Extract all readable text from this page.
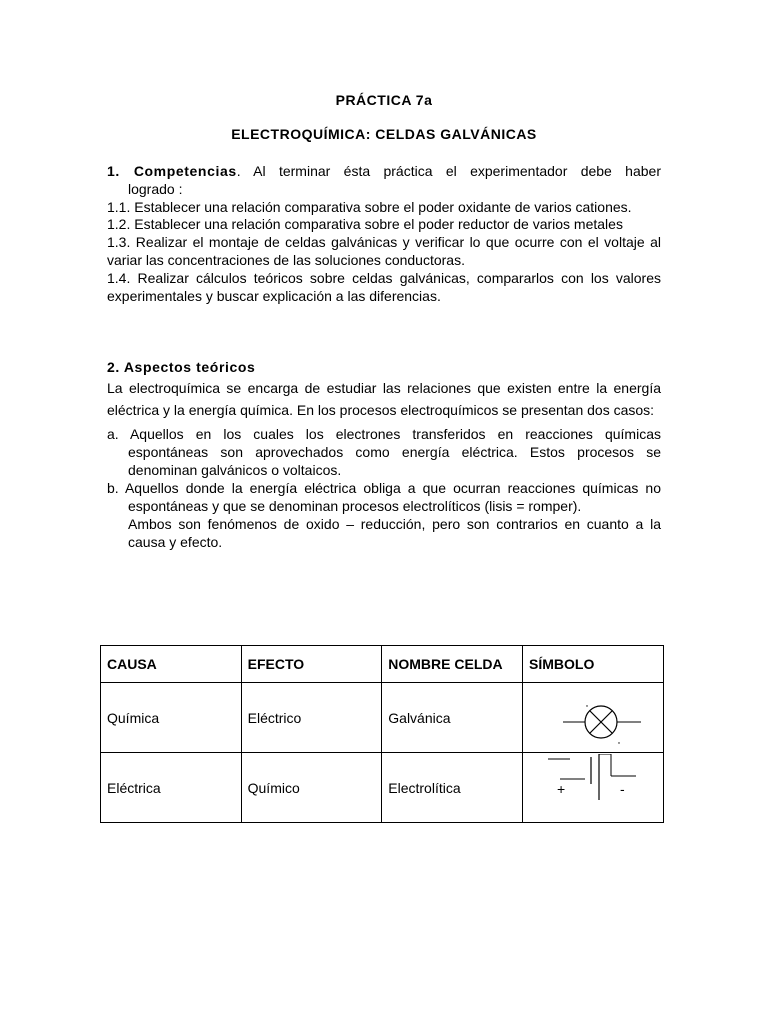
PRÁCTICA 7a
ELECTROQUÍMICA: CELDAS GALVÁNICAS
1. Competencias. Al terminar ésta práctica el experimentador debe haber
logrado :
1.1. Establecer una relación comparativa sobre el poder oxidante de varios cationes.
1.2. Establecer una relación comparativa sobre el poder reductor de varios metales
1.3. Realizar el montaje de celdas galvánicas y verificar lo que ocurre con el voltaje al variar las concentraciones de las soluciones conductoras.
1.4. Realizar cálculos teóricos sobre celdas galvánicas, compararlos con los valores experimentales y buscar explicación a las diferencias.
2. Aspectos teóricos
La electroquímica se encarga de estudiar las relaciones que existen entre la energía eléctrica y la energía química. En los procesos electroquímicos se presentan dos casos:
a. Aquellos en los cuales los electrones transferidos en reacciones químicas espontáneas son aprovechados como energía eléctrica. Estos procesos se denominan galvánicos o voltaicos.
b. Aquellos donde la energía eléctrica obliga a que ocurran reacciones químicas no espontáneas y que se denominan procesos electrolíticos (lisis = romper).
Ambos son fenómenos de oxido – reducción, pero son contrarios en cuanto a la causa y efecto.
CAUSA	EFECTO	NOMBRE CELDA	SÍMBOLO
Química	Eléctrico	Galvánica	

Eléctrica	Químico	Electrolítica	+ -
